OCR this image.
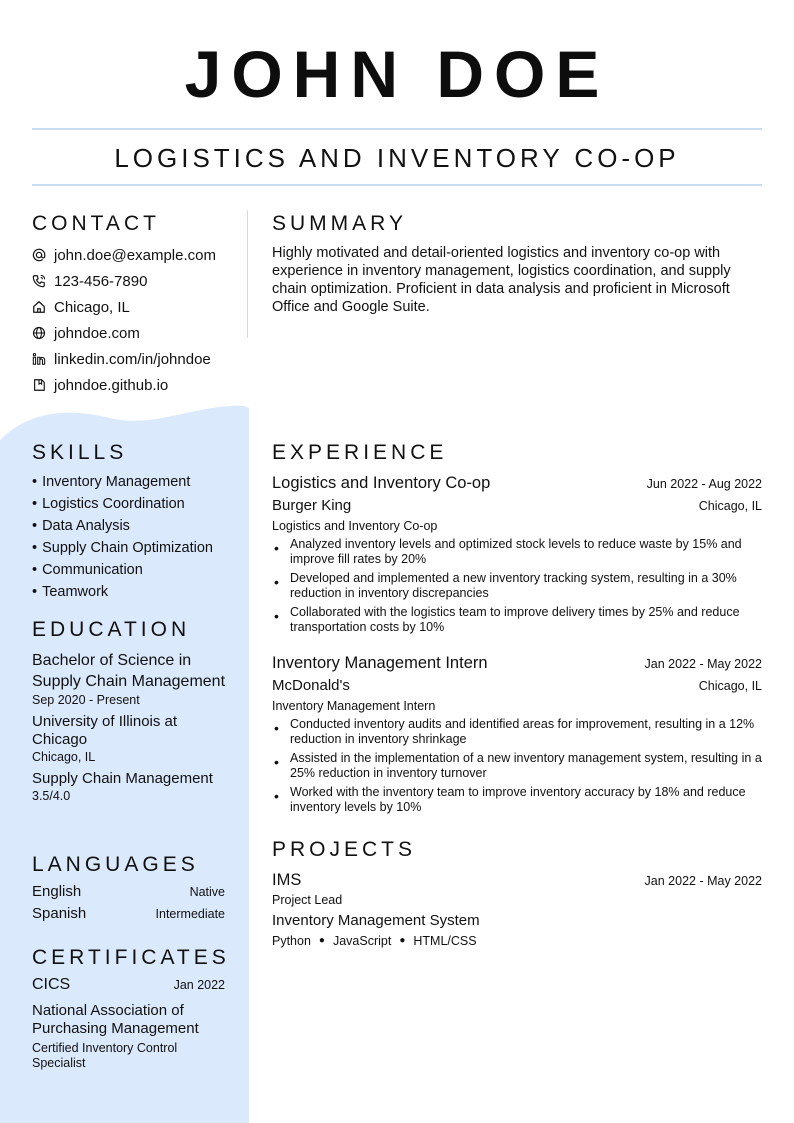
JOHN DOE
LOGISTICS AND INVENTORY CO-OP
CONTACT
john.doe@example.com
123-456-7890
Chicago, IL
johndoe.com
linkedin.com/in/johndoe
johndoe.github.io
SUMMARY
Highly motivated and detail-oriented logistics and inventory co-op with experience in inventory management, logistics coordination, and supply chain optimization. Proficient in data analysis and proficient in Microsoft Office and Google Suite.
SKILLS
• Inventory Management
• Logistics Coordination
• Data Analysis
• Supply Chain Optimization
• Communication
• Teamwork
EDUCATION
Bachelor of Science in Supply Chain Management
Sep 2020 - Present
University of Illinois at Chicago
Chicago, IL
Supply Chain Management
3.5/4.0
LANGUAGES
English	Native
Spanish	Intermediate
CERTIFICATES
CICS	Jan 2022
National Association of Purchasing Management
Certified Inventory Control Specialist
EXPERIENCE
Logistics and Inventory Co-op	Jun 2022 - Aug 2022
Burger King	Chicago, IL
Logistics and Inventory Co-op
• Analyzed inventory levels and optimized stock levels to reduce waste by 15% and improve fill rates by 20%
• Developed and implemented a new inventory tracking system, resulting in a 30% reduction in inventory discrepancies
• Collaborated with the logistics team to improve delivery times by 25% and reduce transportation costs by 10%
Inventory Management Intern	Jan 2022 - May 2022
McDonald's	Chicago, IL
Inventory Management Intern
• Conducted inventory audits and identified areas for improvement, resulting in a 12% reduction in inventory shrinkage
• Assisted in the implementation of a new inventory management system, resulting in a 25% reduction in inventory turnover
• Worked with the inventory team to improve inventory accuracy by 18% and reduce inventory levels by 10%
PROJECTS
IMS	Jan 2022 - May 2022
Project Lead
Inventory Management System
Python ● JavaScript ● HTML/CSS
